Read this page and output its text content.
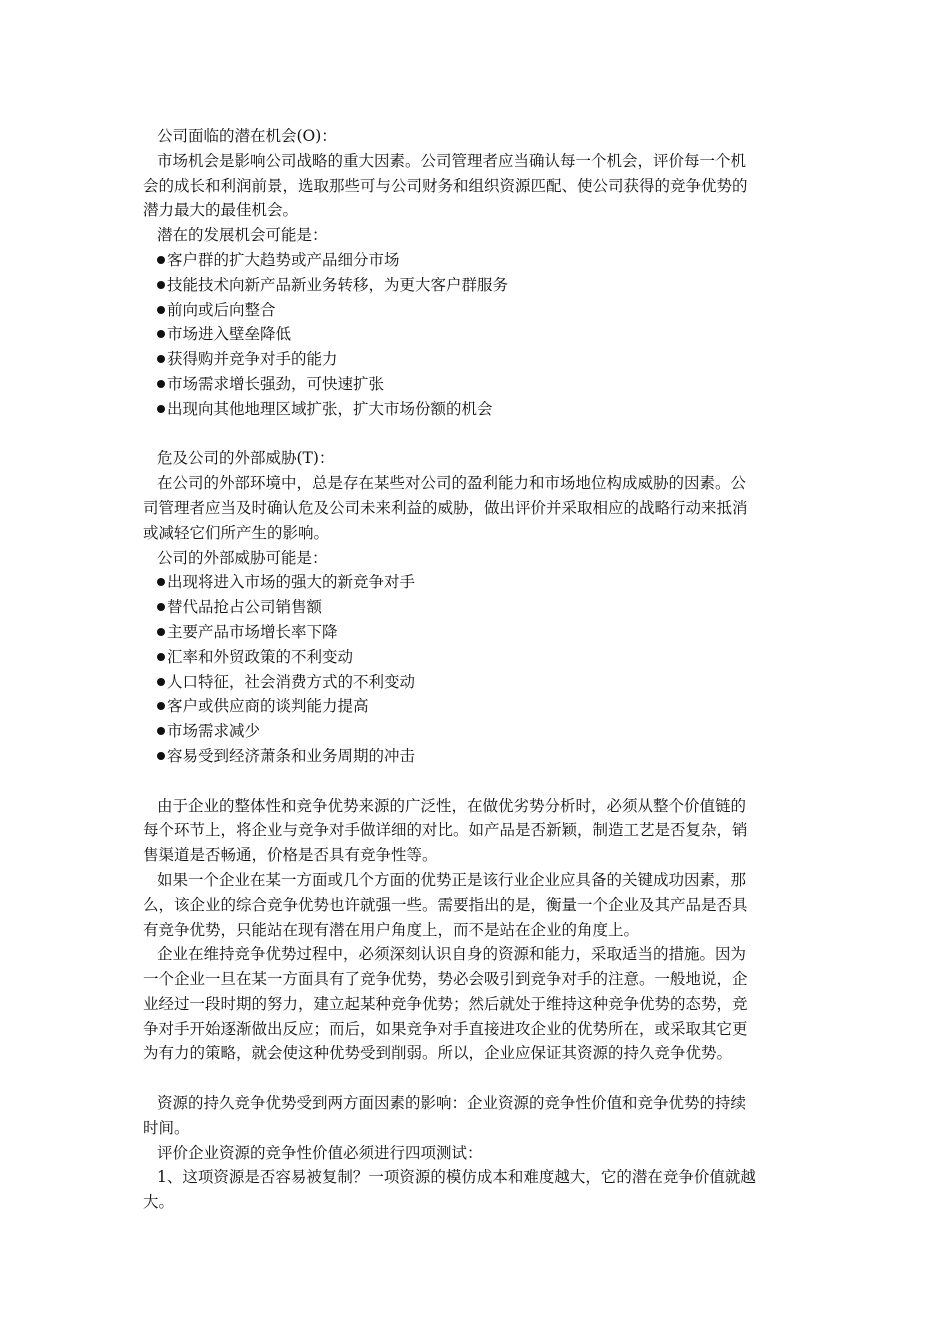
公司面临的潜在机会(O)：
市场机会是影响公司战略的重大因素。公司管理者应当确认每一个机会，评价每一个机
会的成长和利润前景，选取那些可与公司财务和组织资源匹配、使公司获得的竞争优势的
潜力最大的最佳机会。
潜在的发展机会可能是：
客户群的扩大趋势或产品细分市场
技能技术向新产品新业务转移，为更大客户群服务
前向或后向整合
市场进入壁垒降低
获得购并竞争对手的能力
市场需求增长强劲，可快速扩张
出现向其他地理区域扩张，扩大市场份额的机会
危及公司的外部威胁(T)：
在公司的外部环境中，总是存在某些对公司的盈利能力和市场地位构成威胁的因素。公
司管理者应当及时确认危及公司未来利益的威胁，做出评价并采取相应的战略行动来抵消
或减轻它们所产生的影响。
公司的外部威胁可能是：
出现将进入市场的强大的新竞争对手
替代品抢占公司销售额
主要产品市场增长率下降
汇率和外贸政策的不利变动
人口特征，社会消费方式的不利变动
客户或供应商的谈判能力提高
市场需求减少
容易受到经济萧条和业务周期的冲击
由于企业的整体性和竞争优势来源的广泛性，在做优劣势分析时，必须从整个价值链的
每个环节上，将企业与竞争对手做详细的对比。如产品是否新颖，制造工艺是否复杂，销
售渠道是否畅通，价格是否具有竞争性等。
如果一个企业在某一方面或几个方面的优势正是该行业企业应具备的关键成功因素，那
么，该企业的综合竞争优势也许就强一些。需要指出的是，衡量一个企业及其产品是否具
有竞争优势，只能站在现有潜在用户角度上，而不是站在企业的角度上。
企业在维持竞争优势过程中，必须深刻认识自身的资源和能力，采取适当的措施。因为
一个企业一旦在某一方面具有了竞争优势，势必会吸引到竞争对手的注意。一般地说，企
业经过一段时期的努力，建立起某种竞争优势；然后就处于维持这种竞争优势的态势，竞
争对手开始逐渐做出反应；而后，如果竞争对手直接进攻企业的优势所在，或采取其它更
为有力的策略，就会使这种优势受到削弱。所以，企业应保证其资源的持久竞争优势。
资源的持久竞争优势受到两方面因素的影响：企业资源的竞争性价值和竞争优势的持续
时间。
评价企业资源的竞争性价值必须进行四项测试：
1、这项资源是否容易被复制？一项资源的模仿成本和难度越大，它的潜在竞争价值就越
大。
